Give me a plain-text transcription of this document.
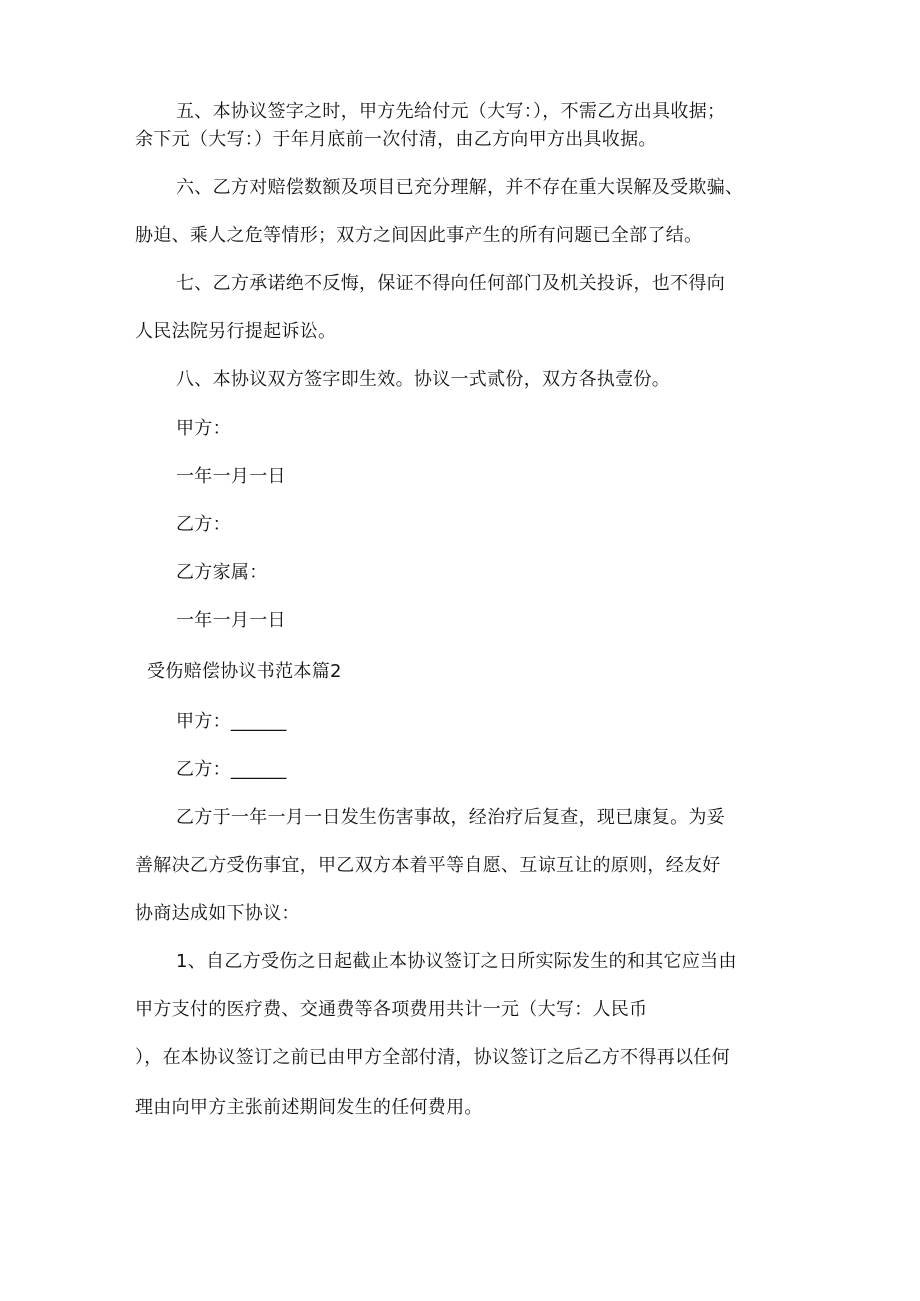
五、本协议签字之时，甲方先给付元（大写：），不需乙方出具收据；
余下元（大写：）于年月底前一次付清，由乙方向甲方出具收据。
六、乙方对赔偿数额及项目已充分理解，并不存在重大误解及受欺骗、
胁迫、乘人之危等情形；双方之间因此事产生的所有问题已全部了结。
七、乙方承诺绝不反悔，保证不得向任何部门及机关投诉，也不得向
人民法院另行提起诉讼。
八、本协议双方签字即生效。协议一式贰份，双方各执壹份。
甲方：
一年一月一日
乙方：
乙方家属：
一年一月一日
受伤赔偿协议书范本篇2
甲方：______
乙方：______
乙方于一年一月一日发生伤害事故，经治疗后复查，现已康复。为妥
善解决乙方受伤事宜，甲乙双方本着平等自愿、互谅互让的原则，经友好
协商达成如下协议：
1、自乙方受伤之日起截止本协议签订之日所实际发生的和其它应当由
甲方支付的医疗费、交通费等各项费用共计一元（大写：人民币
），在本协议签订之前已由甲方全部付清，协议签订之后乙方不得再以任何
理由向甲方主张前述期间发生的任何费用。
